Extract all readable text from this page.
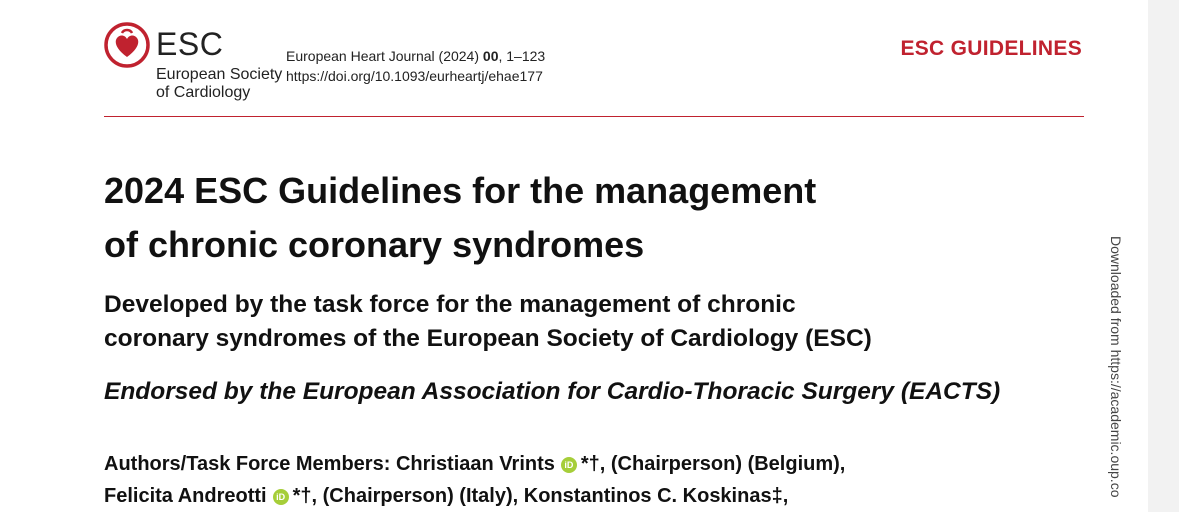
ESC
European Society
of Cardiology
European Heart Journal (2024) 00, 1–123
https://doi.org/10.1093/eurheartj/ehae177
ESC GUIDELINES
2024 ESC Guidelines for the management
of chronic coronary syndromes
Developed by the task force for the management of chronic
coronary syndromes of the European Society of Cardiology (ESC)

Endorsed by the European Association for Cardio-Thoracic Surgery (EACTS)

Authors/Task Force Members: Christiaan Vrints iD *†, (Chairperson) (Belgium),
Felicita Andreotti iD *†, (Chairperson) (Italy), Konstantinos C. Koskinas‡,	Downloaded from https://academic.oup.co
